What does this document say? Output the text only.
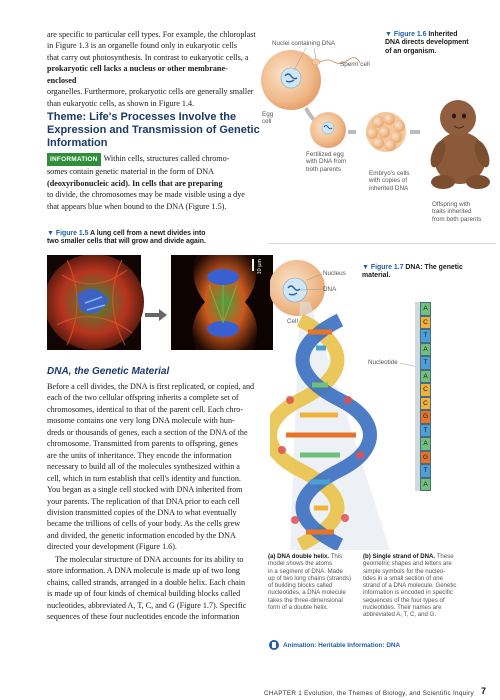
are specific to particular cell types. For example, the chloroplast

in Figure 1.3 is an organelle found only in eukaryotic cells

that carry out photosynthesis. In contrast to eukaryotic cells, a

prokaryotic cell lacks a nucleus or other membrane-enclosed

organelles. Furthermore, prokaryotic cells are generally smaller

than eukaryotic cells, as shown in Figure 1.4.

Theme: Life's Processes Involve the

Expression and Transmission of Genetic

Information

INFORMATION Within cells, structures called chromo-

somes contain genetic material in the form of DNA

(deoxyribonucleic acid). In cells that are preparing

to divide, the chromosomes may be made visible using a dye

that appears blue when bound to the DNA (Figure 1.5).

▼ Figure 1.5 A lung cell from a newt divides into
two smaller cells that will grow and divide again.
10 µm

DNA, the Genetic Material

Before a cell divides, the DNA is first replicated, or copied, and

each of the two cellular offspring inherits a complete set of

chromosomes, identical to that of the parent cell. Each chro-

mosome contains one very long DNA molecule with hun-

dreds or thousands of genes, each a section of the DNA of the

chromosome. Transmitted from parents to offspring, genes

are the units of inheritance. They encode the information

necessary to build all of the molecules synthesized within a

cell, which in turn establish that cell's identity and function.

You began as a single cell stocked with DNA inherited from

your parents. The replication of that DNA prior to each cell

division transmitted copies of the DNA to what eventually

became the trillions of cells of your body. As the cells grew

and divided, the genetic information encoded by the DNA

directed your development (Figure 1.6).

The molecular structure of DNA accounts for its ability to

store information. A DNA molecule is made up of two long

chains, called strands, arranged in a double helix. Each chain

is made up of four kinds of chemical building blocks called

nucleotides, abbreviated A, T, C, and G (Figure 1.7). Specific

sequences of these four nucleotides encode the information

▼ Figure 1.6 Inherited
DNA directs development
of an organism.
Nuclei containing DNA
Sperm cell
Egg
cell
Fertilized egg
with DNA from
both parents
Embryo's cells
with copies of
inherited DNA
Offspring with
traits inherited
from both parents
▼ Figure 1.7 DNA: The genetic
material.
Nucleus
DNA
Cell
Nucleotide
A
C
T
A
T
A
C
C
G
T
A
G
T
A
(a) DNA double helix. This
model shows the atoms
in a segment of DNA. Made
up of two long chains (strands)
of building blocks called
nucleotides, a DNA molecule
takes the three-dimensional
form of a double helix.
(b) Single strand of DNA. These
geometric shapes and letters are
simple symbols for the nucleo-
tides in a small section of one
strand of a DNA molecule. Genetic
information is encoded in specific
sequences of the four types of
nucleotides. Their names are
abbreviated A, T, C, and G.
Animation: Heritable Information: DNA
CHAPTER 1 Evolution, the Themes of Biology, and Scientific Inquiry 7
